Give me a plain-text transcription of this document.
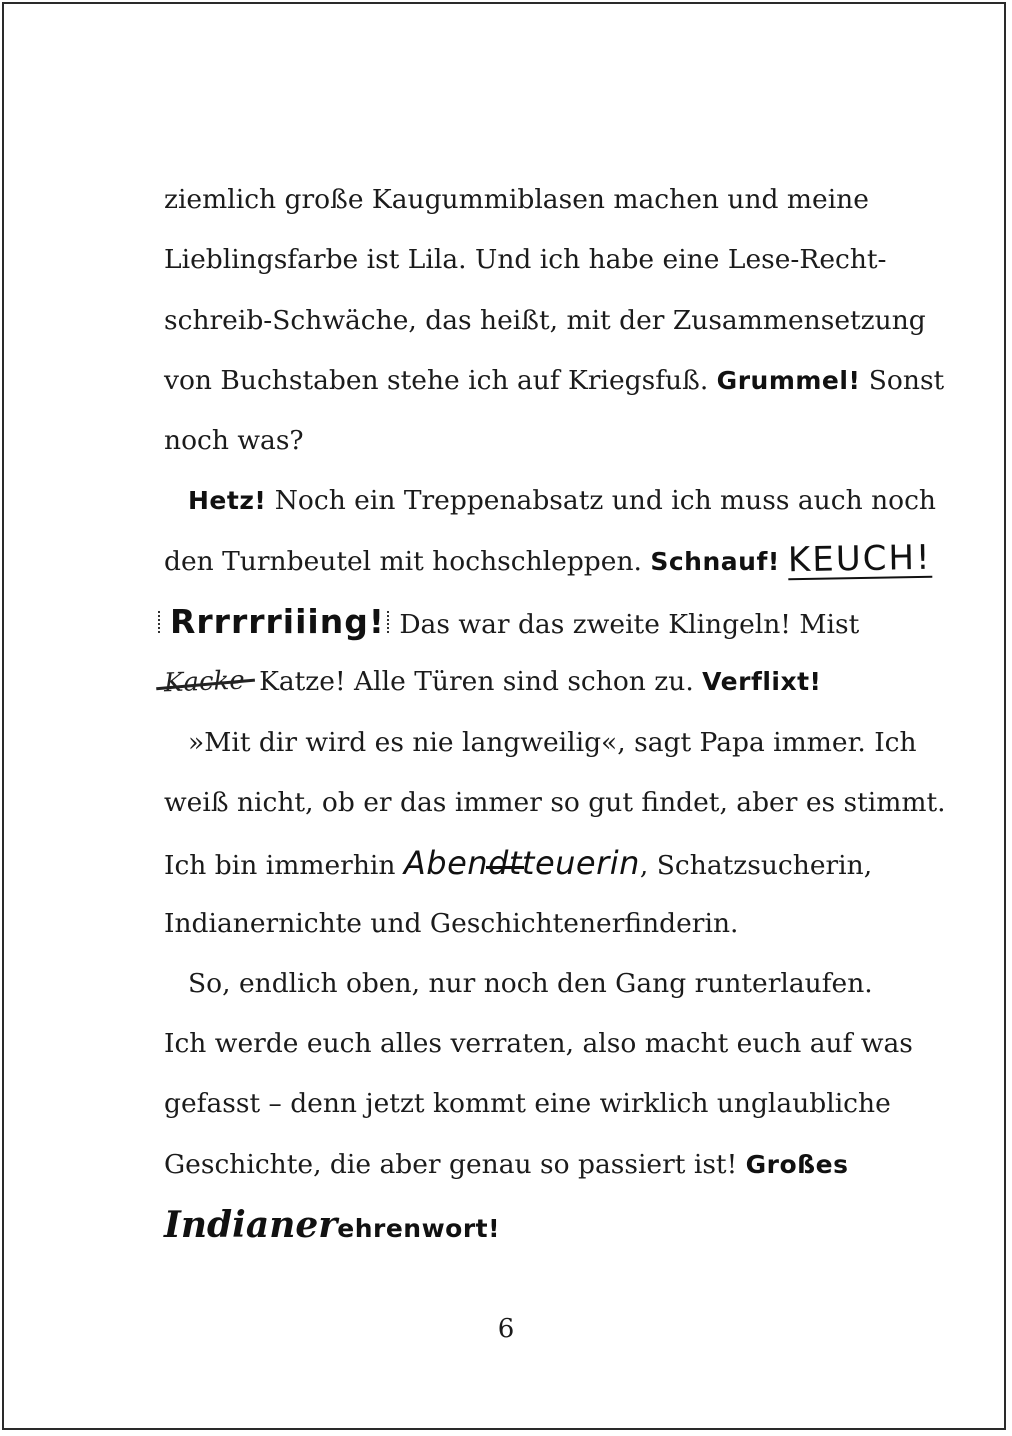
ziemlich große Kaugummiblasen machen und meine
Lieblingsfarbe ist Lila. Und ich habe eine Lese-Recht-
schreib-Schwäche, das heißt, mit der Zusammensetzung
von Buchstaben stehe ich auf Kriegsfuß. Grummel! Sonst
noch was?
Hetz! Noch ein Treppenabsatz und ich muss auch noch
den Turnbeutel mit hochschleppen. Schnauf! KEUCH!
Rrrrrriiing! Das war das zweite Klingeln! Mist
Kacke Katze! Alle Türen sind schon zu. Verflixt!
»Mit dir wird es nie langweilig«, sagt Papa immer. Ich
weiß nicht, ob er das immer so gut findet, aber es stimmt.
Ich bin immerhin Abendtteuerin, Schatzsucherin,
Indianernichte und Geschichtenerfinderin.
So, endlich oben, nur noch den Gang runterlaufen.
Ich werde euch alles verraten, also macht euch auf was
gefasst – denn jetzt kommt eine wirklich unglaubliche
Geschichte, die aber genau so passiert ist! Großes
Indianerehrenwort!
6
